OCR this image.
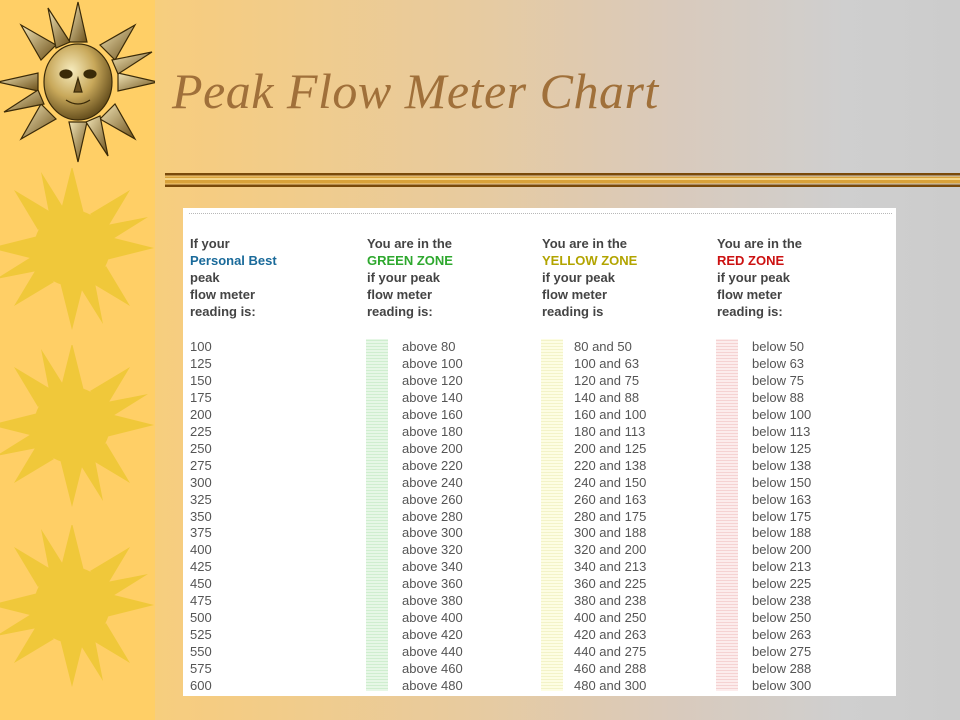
Peak Flow Meter Chart
If your
Personal Best
peak
flow meter
reading is:
You are in the
GREEN ZONE
if your peak
flow meter
reading is:
You are in the
YELLOW ZONE
if your peak
flow meter
reading is
You are in the
RED ZONE
if your peak
flow meter
reading is:
100
125
150
175
200
225
250
275
300
325
350
375
400
425
450
475
500
525
550
575
600
above 80
above 100
above 120
above 140
above 160
above 180
above 200
above 220
above 240
above 260
above 280
above 300
above 320
above 340
above 360
above 380
above 400
above 420
above 440
above 460
above 480
80 and 50
100 and 63
120 and 75
140 and 88
160 and 100
180 and 113
200 and 125
220 and 138
240 and 150
260 and 163
280 and 175
300 and 188
320 and 200
340 and 213
360 and 225
380 and 238
400 and 250
420 and 263
440 and 275
460 and 288
480 and 300
below 50
below 63
below 75
below 88
below 100
below 113
below 125
below 138
below 150
below 163
below 175
below 188
below 200
below 213
below 225
below 238
below 250
below 263
below 275
below 288
below 300
